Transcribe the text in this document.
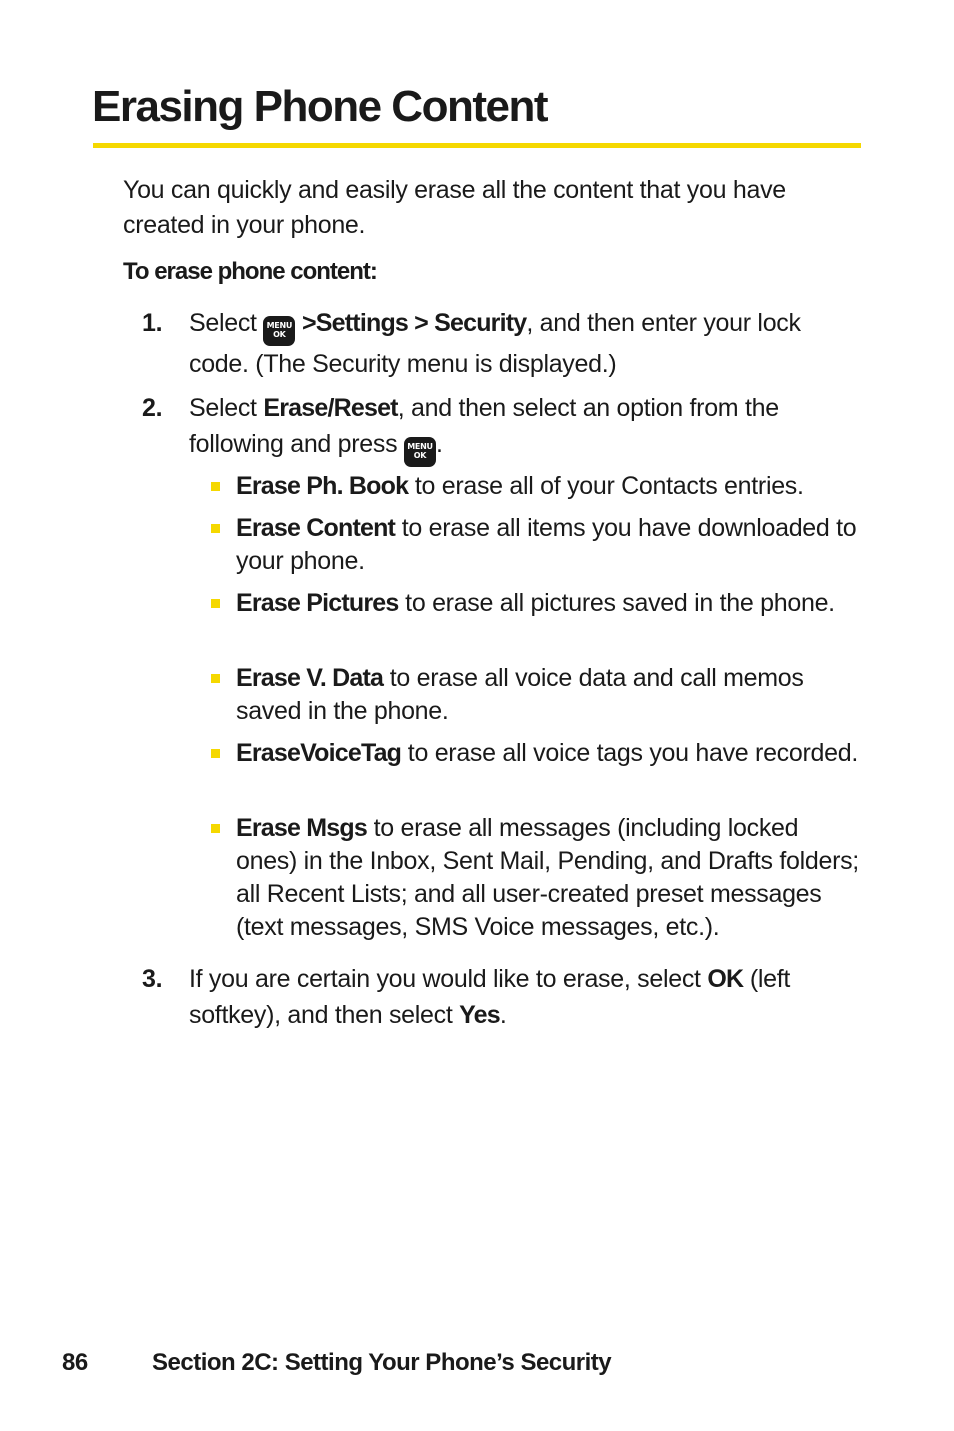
Erasing Phone Content

You can quickly and easily erase all the content that you have created in your phone.

To erase phone content:

1. Select MENU
OK >Settings > Security, and then enter your lock code. (The Security menu is displayed.)
2. Select Erase/Reset, and then select an option from the following and press MENU
OK .
Erase Ph. Book to erase all of your Contacts entries.
Erase Content to erase all items you have downloaded to your phone.
Erase Pictures to erase all pictures saved in the phone.
Erase V. Data to erase all voice data and call memos saved in the phone.
EraseVoiceTag to erase all voice tags you have recorded.
Erase Msgs to erase all messages (including locked ones) in the Inbox, Sent Mail, Pending, and Drafts folders; all Recent Lists; and all user-created preset messages (text messages, SMS Voice messages, etc.).
3. If you are certain you would like to erase, select OK (left softkey), and then select Yes.
86	Section 2C: Setting Your Phone’s Security
